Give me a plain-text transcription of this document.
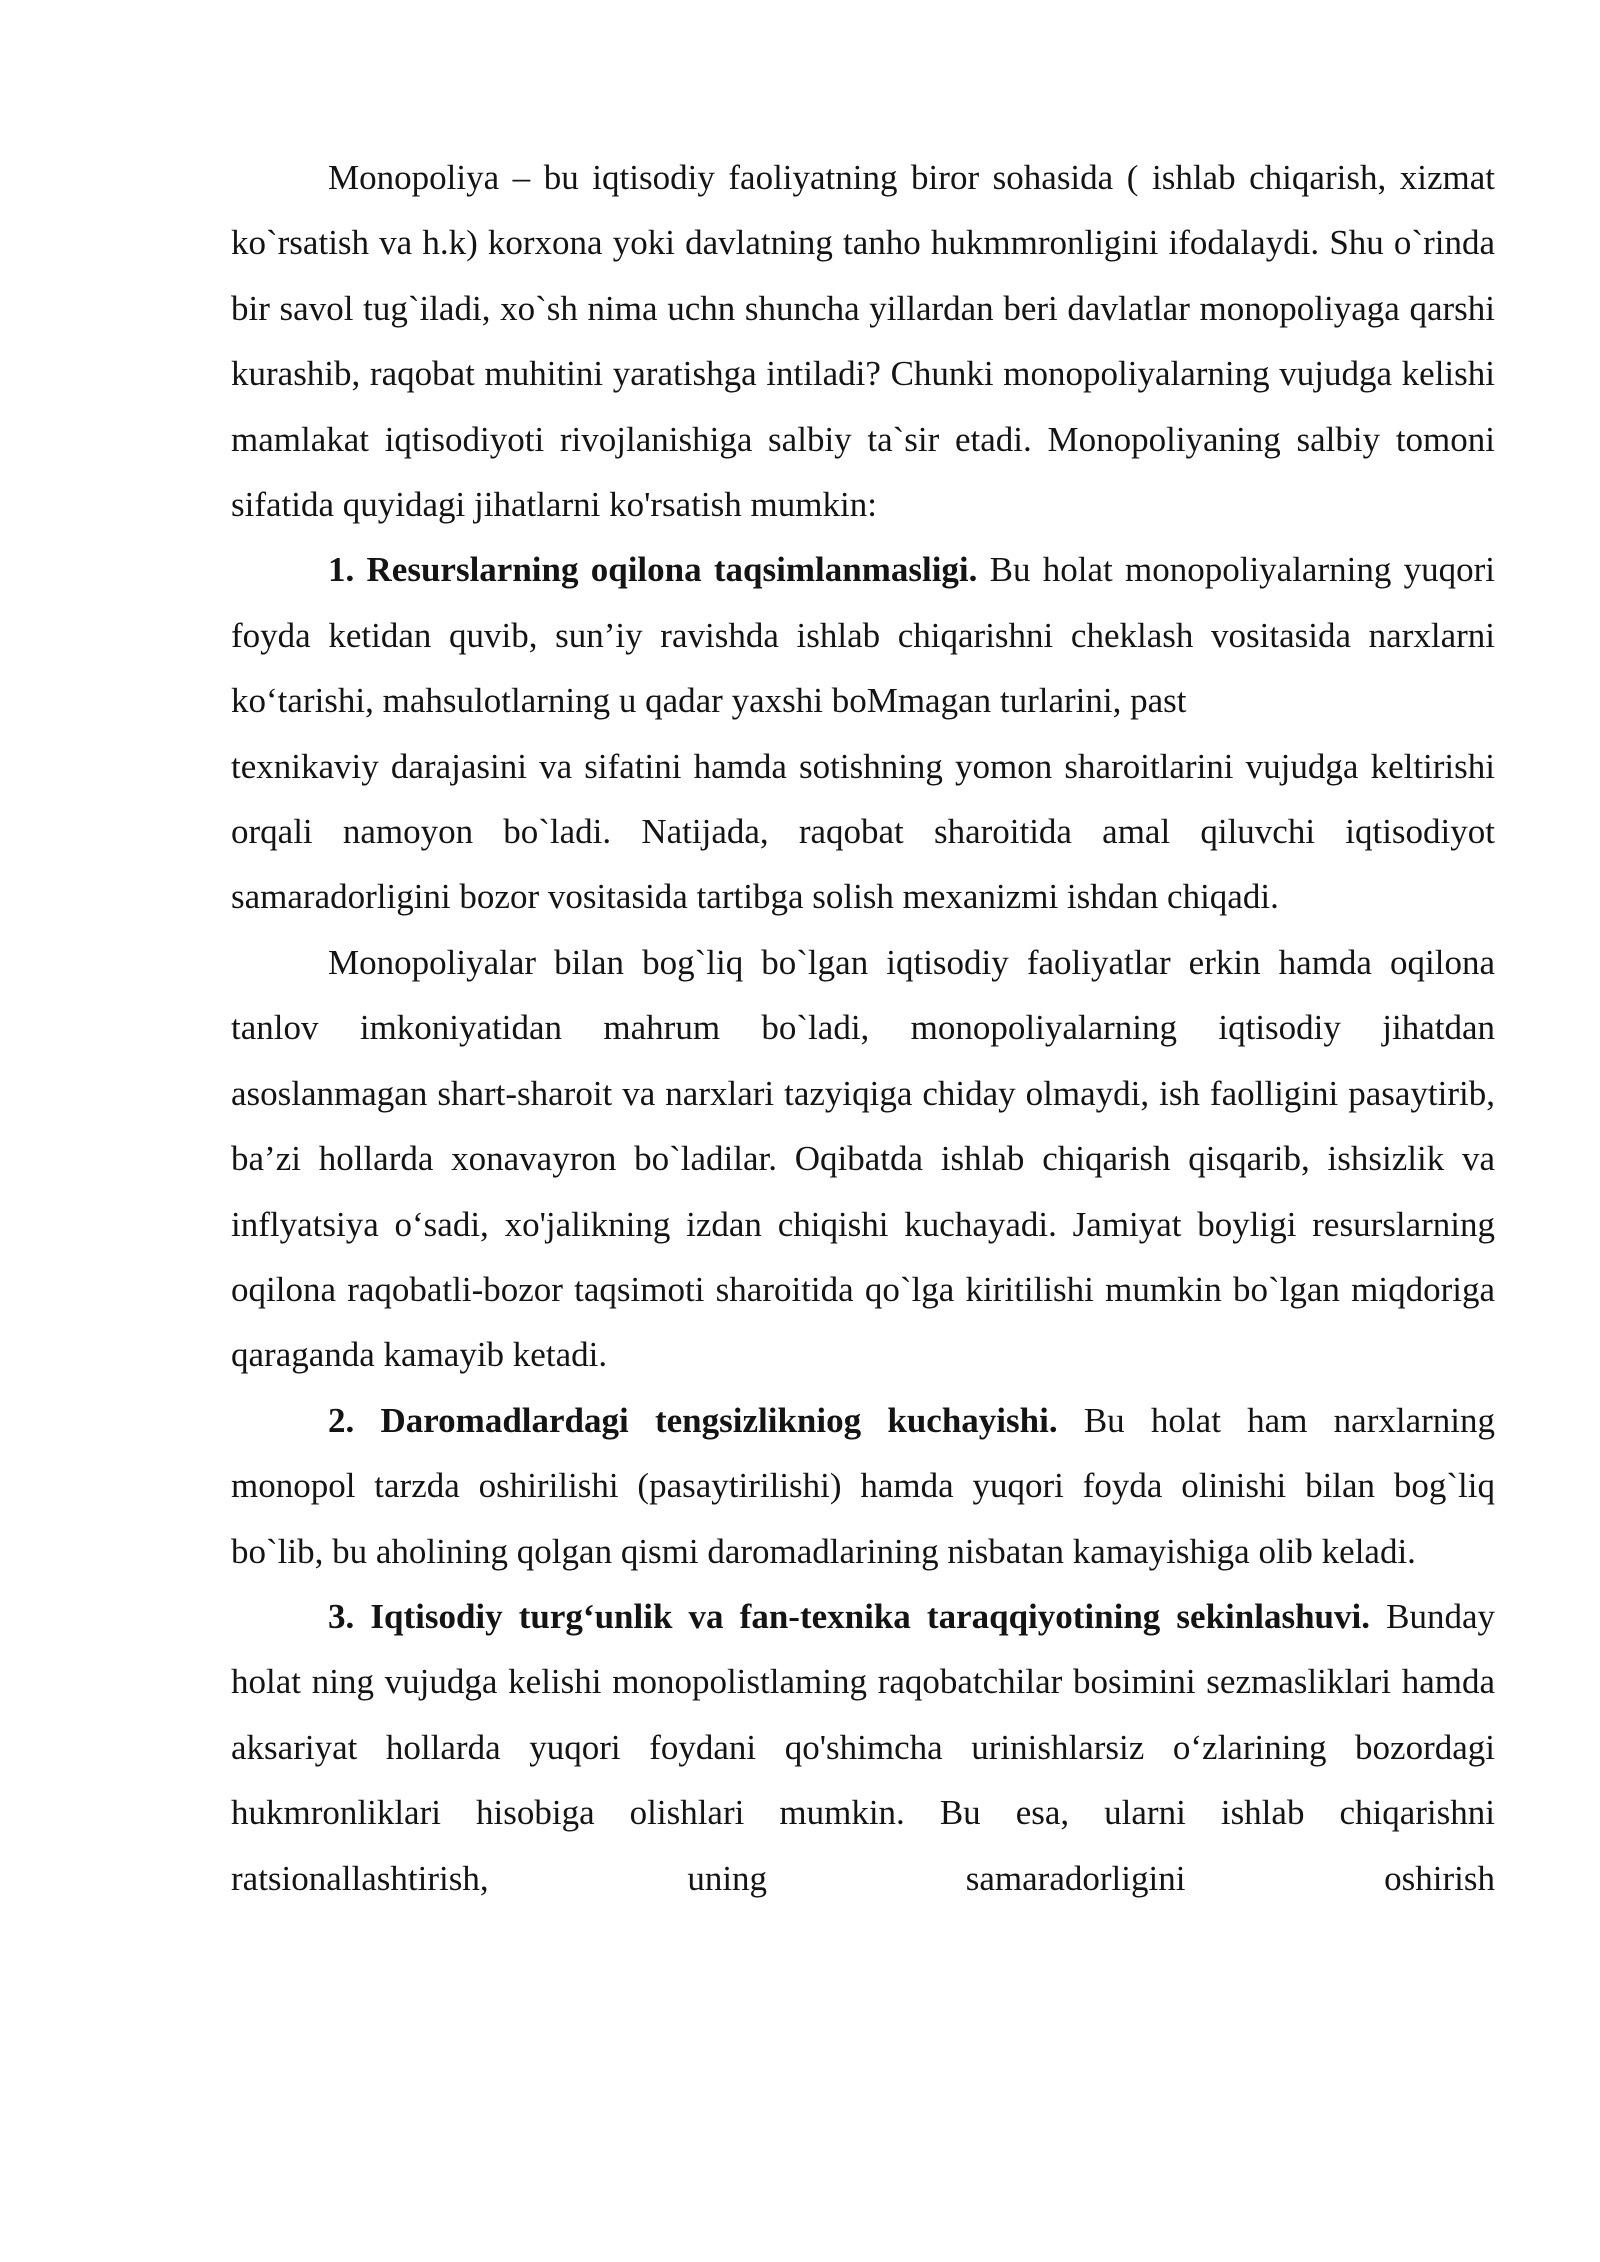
Monopoliya – bu iqtisodiy faoliyatning biror sohasida ( ishlab chiqarish, xizmat ko`rsatish va h.k) korxona yoki davlatning tanho hukmmronligini ifodalaydi. Shu o`rinda bir savol tug`iladi, xo`sh nima uchn shuncha yillardan beri davlatlar monopoliyaga qarshi kurashib, raqobat muhitini yaratishga intiladi? Chunki monopoliyalarning vujudga kelishi mamlakat iqtisodiyoti rivojlanishiga salbiy ta`sir etadi. Monopoliyaning salbiy tomoni sifatida quyidagi jihatlarni ko'rsatish mumkin:

1. Resurslarning oqilona taqsimlanmasligi. Bu holat monopoliyalarning yuqori foyda ketidan quvib, sun’iy ravishda ishlab chiqarishni cheklash vositasida narxlarni ko‘tarishi, mahsulotlarning u qadar yaxshi boMmagan turlarini, past

texnikaviy darajasini va sifatini hamda sotishning yomon sharoitlarini vujudga keltirishi orqali namoyon bo`ladi. Natijada, raqobat sharoitida amal qiluvchi iqtisodiyot samaradorligini bozor vositasida tartibga solish mexanizmi ishdan chiqadi.

Monopoliyalar bilan bog`liq bo`lgan iqtisodiy faoliyatlar erkin hamda oqilona tanlov imkoniyatidan mahrum bo`ladi, monopoliyalarning iqtisodiy jihatdan asoslanmagan shart-sharoit va narxlari tazyiqiga chiday olmaydi, ish faolligini pasaytirib, ba’zi hollarda xonavayron bo`ladilar. Oqibatda ishlab chiqarish qisqarib, ishsizlik va inflyatsiya o‘sadi, xo'jalikning izdan chiqishi kuchayadi. Jamiyat boyligi resurslarning oqilona raqobatli-bozor taqsimoti sharoitida qo`lga kiritilishi mumkin bo`lgan miqdoriga qaraganda kamayib ketadi.

2. Daromadlardagi tengsizlikniog kuchayishi. Bu holat ham narxlarning monopol tarzda oshirilishi (pasaytirilishi) hamda yuqori foyda olinishi bilan bog`liq bo`lib, bu aholining qolgan qismi daromadlarining nisbatan kamayishiga olib keladi.

3. Iqtisodiy turg‘unlik va fan-texnika taraqqiyotining sekinlashuvi. Bunday holat ning vujudga kelishi monopolistlaming raqobatchilar bosimini sezmasliklari hamda aksariyat hollarda yuqori foydani qo'shimcha urinishlarsiz o‘zlarining bozordagi hukmronliklari hisobiga olishlari mumkin. Bu esa, ularni ishlab chiqarishni ratsionallashtirish, uning samaradorligini oshirish
